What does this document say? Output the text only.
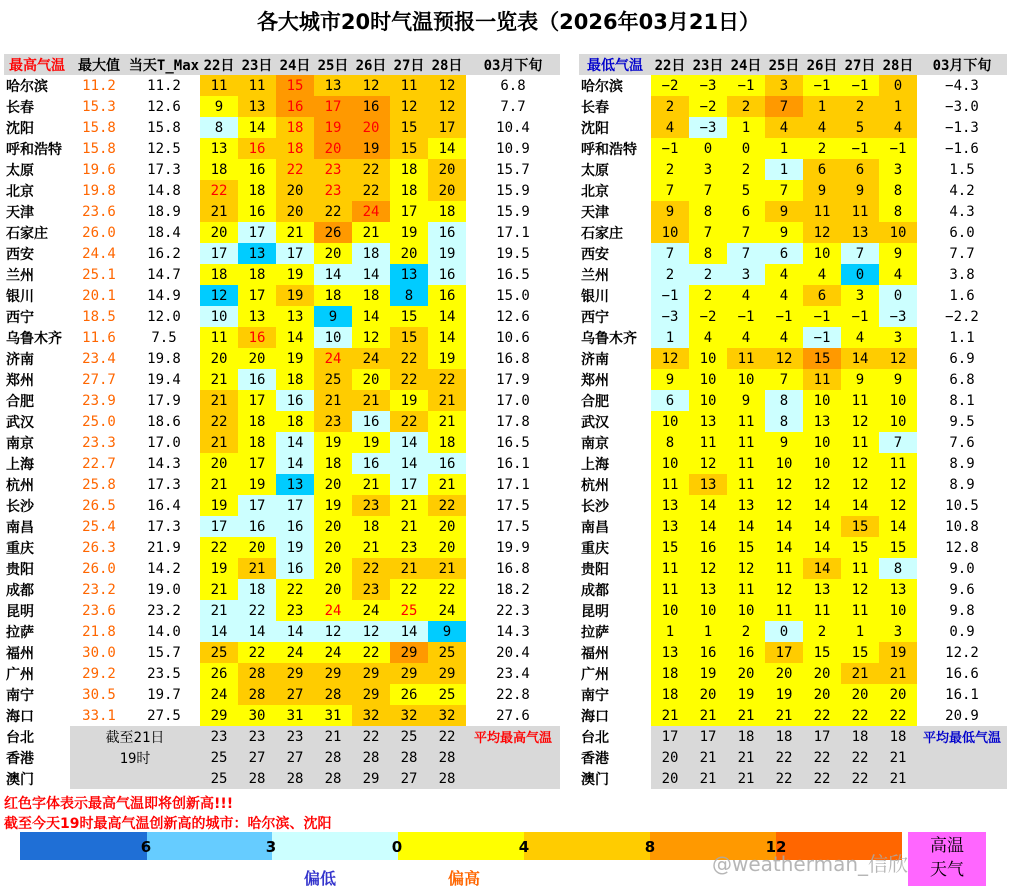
各大城市20时气温预报一览表（2026年03月21日）
最高气温	最大值	当天T_Max	22日	23日	24日	25日	26日	27日	28日	03月下旬
哈尔滨	11.2	11.2	11	11	15	13	12	11	12	6.8
长春	15.3	12.6	9	13	16	17	16	12	12	7.7
沈阳	15.8	15.8	8	14	18	19	20	15	17	10.4
呼和浩特	15.8	12.5	13	16	18	20	19	15	14	10.9
太原	19.6	17.3	18	16	22	23	22	18	20	15.7
北京	19.8	14.8	22	18	20	23	22	18	20	15.9
天津	23.6	18.9	21	16	20	22	24	17	18	15.9
石家庄	26.0	18.4	20	17	21	26	21	19	16	17.1
西安	24.4	16.2	17	13	17	20	18	20	19	19.5
兰州	25.1	14.7	18	18	19	14	14	13	16	16.5
银川	20.1	14.9	12	17	19	18	18	8	16	15.0
西宁	18.5	12.0	10	13	13	9	14	15	14	12.6
乌鲁木齐	11.6	7.5	11	16	14	10	12	15	14	10.6
济南	23.4	19.8	20	20	19	24	24	22	19	16.8
郑州	27.7	19.4	21	16	18	25	20	22	22	17.9
合肥	23.9	17.9	21	17	16	21	21	19	21	17.0
武汉	25.0	18.6	22	18	18	23	16	22	21	17.8
南京	23.3	17.0	21	18	14	19	19	14	18	16.5
上海	22.7	14.3	20	17	14	18	16	14	16	16.1
杭州	25.8	17.3	21	19	13	20	21	17	21	17.1
长沙	26.5	16.4	19	17	17	19	23	21	22	17.5
南昌	25.4	17.3	17	16	16	20	18	21	20	17.5
重庆	26.3	21.9	22	20	19	20	21	23	20	19.9
贵阳	26.0	14.2	19	21	16	20	22	21	21	16.8
成都	23.2	19.0	21	18	22	20	23	22	22	18.2
昆明	23.6	23.2	21	22	23	24	24	25	24	22.3
拉萨	21.8	14.0	14	14	14	12	12	14	9	14.3
福州	30.0	15.7	25	22	24	24	22	29	25	20.4
广州	29.2	23.5	26	28	29	29	29	29	29	23.4
南宁	30.5	19.7	24	28	27	28	29	26	25	22.8
海口	33.1	27.5	29	30	31	31	32	32	32	27.6
台北	截至21日		23	23	23	21	22	25	22	平均最高气温
香港	19时		25	27	27	28	28	28	28	
澳门			25	28	28	28	29	27	28	
最低气温	22日	23日	24日	25日	26日	27日	28日	03月下旬
哈尔滨	−2	−3	−1	3	−1	−1	0	−4.3
长春	2	−2	2	7	1	2	1	−3.0
沈阳	4	−3	1	4	4	5	4	−1.3
呼和浩特	−1	0	0	1	2	−1	−1	−1.6
太原	2	3	2	1	6	6	3	1.5
北京	7	7	5	7	9	9	8	4.2
天津	9	8	6	9	11	11	8	4.3
石家庄	10	7	7	9	12	13	10	6.0
西安	7	8	7	6	10	7	9	7.7
兰州	2	2	3	4	4	0	4	3.8
银川	−1	2	4	4	6	3	0	1.6
西宁	−3	−2	−1	−1	−1	−1	−3	−2.2
乌鲁木齐	1	4	4	4	−1	4	3	1.1
济南	12	10	11	12	15	14	12	6.9
郑州	9	10	10	7	11	9	9	6.8
合肥	6	10	9	8	10	11	10	8.1
武汉	10	13	11	8	13	12	10	9.5
南京	8	11	11	9	10	11	7	7.6
上海	10	12	11	10	10	12	11	8.9
杭州	11	13	11	12	12	12	12	8.9
长沙	13	14	13	12	14	14	12	10.5
南昌	13	14	14	14	14	15	14	10.8
重庆	15	16	15	14	14	15	15	12.8
贵阳	11	12	12	11	14	11	8	9.0
成都	11	13	11	12	13	12	13	9.6
昆明	10	10	10	11	11	11	10	9.8
拉萨	1	1	2	0	2	1	3	0.9
福州	13	16	16	17	15	15	19	12.2
广州	18	19	20	20	20	21	21	16.6
南宁	18	20	19	19	20	20	20	16.1
海口	21	21	21	21	22	22	22	20.9
台北	17	17	18	18	17	18	18	平均最低气温
香港	20	21	21	22	22	22	21	
澳门	20	21	21	22	22	22	21	
红色字体表示最高气温即将创新高!!!
截至今天19时最高气温创新高的城市：哈尔滨、沈阳
6	3	0	4	8	12
偏低	偏高
高温
天气
@weatherman_信欣
